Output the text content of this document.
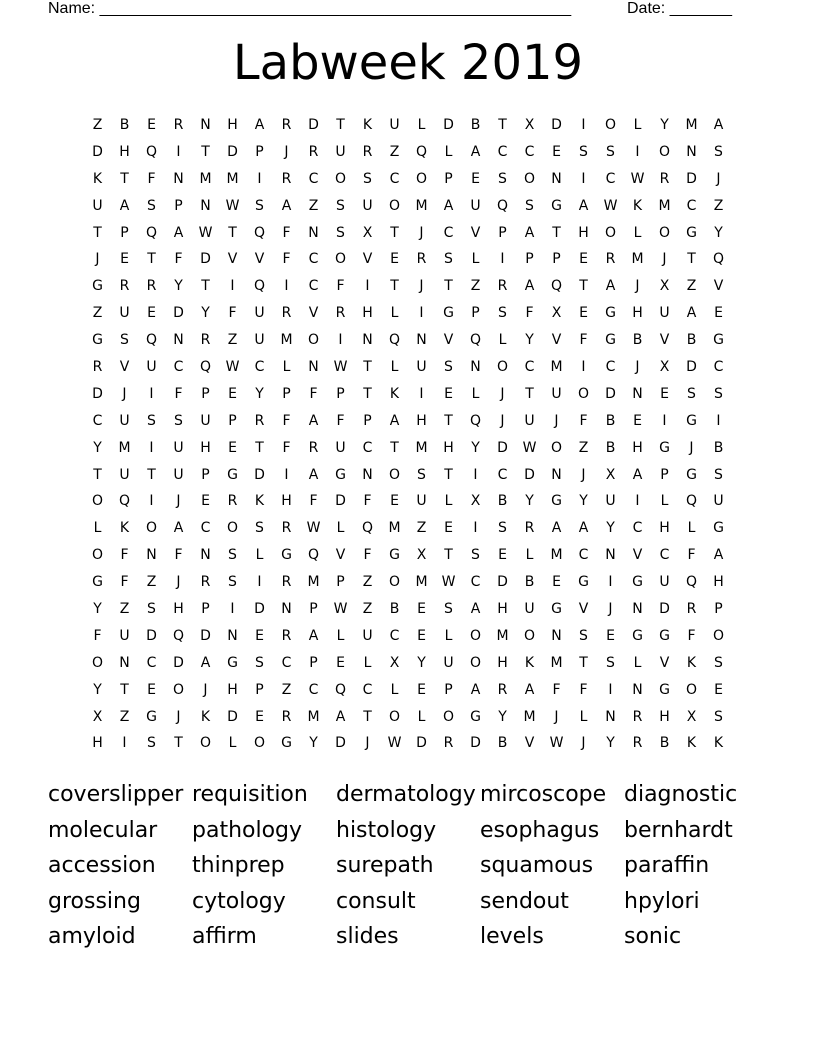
Name: _____________________________________________________	Date: _______
Labweek 2019
Z	B	E	R	N	H	A	R	D	T	K	U	L	D	B	T	X	D	I	O	L	Y	M	A
D	H	Q	I	T	D	P	J	R	U	R	Z	Q	L	A	C	C	E	S	S	I	O	N	S
K	T	F	N	M	M	I	R	C	O	S	C	O	P	E	S	O	N	I	C	W	R	D	J
U	A	S	P	N	W	S	A	Z	S	U	O	M	A	U	Q	S	G	A	W	K	M	C	Z
T	P	Q	A	W	T	Q	F	N	S	X	T	J	C	V	P	A	T	H	O	L	O	G	Y
J	E	T	F	D	V	V	F	C	O	V	E	R	S	L	I	P	P	E	R	M	J	T	Q
G	R	R	Y	T	I	Q	I	C	F	I	T	J	T	Z	R	A	Q	T	A	J	X	Z	V
Z	U	E	D	Y	F	U	R	V	R	H	L	I	G	P	S	F	X	E	G	H	U	A	E
G	S	Q	N	R	Z	U	M	O	I	N	Q	N	V	Q	L	Y	V	F	G	B	V	B	G
R	V	U	C	Q	W	C	L	N	W	T	L	U	S	N	O	C	M	I	C	J	X	D	C
D	J	I	F	P	E	Y	P	F	P	T	K	I	E	L	J	T	U	O	D	N	E	S	S
C	U	S	S	U	P	R	F	A	F	P	A	H	T	Q	J	U	J	F	B	E	I	G	I
Y	M	I	U	H	E	T	F	R	U	C	T	M	H	Y	D	W	O	Z	B	H	G	J	B
T	U	T	U	P	G	D	I	A	G	N	O	S	T	I	C	D	N	J	X	A	P	G	S
O	Q	I	J	E	R	K	H	F	D	F	E	U	L	X	B	Y	G	Y	U	I	L	Q	U
L	K	O	A	C	O	S	R	W	L	Q	M	Z	E	I	S	R	A	A	Y	C	H	L	G
O	F	N	F	N	S	L	G	Q	V	F	G	X	T	S	E	L	M	C	N	V	C	F	A
G	F	Z	J	R	S	I	R	M	P	Z	O	M	W	C	D	B	E	G	I	G	U	Q	H
Y	Z	S	H	P	I	D	N	P	W	Z	B	E	S	A	H	U	G	V	J	N	D	R	P
F	U	D	Q	D	N	E	R	A	L	U	C	E	L	O	M	O	N	S	E	G	G	F	O
O	N	C	D	A	G	S	C	P	E	L	X	Y	U	O	H	K	M	T	S	L	V	K	S
Y	T	E	O	J	H	P	Z	C	Q	C	L	E	P	A	R	A	F	F	I	N	G	O	E
X	Z	G	J	K	D	E	R	M	A	T	O	L	O	G	Y	M	J	L	N	R	H	X	S
H	I	S	T	O	L	O	G	Y	D	J	W	D	R	D	B	V	W	J	Y	R	B	K	K
coverslipper requisition	dermatology mircoscope diagnostic
molecular	pathology	histology	esophagus	bernhardt
accession	thinprep	surepath	squamous	paraffin
grossing	cytology	consult	sendout	hpylori
amyloid	affirm	slides	levels	sonic
